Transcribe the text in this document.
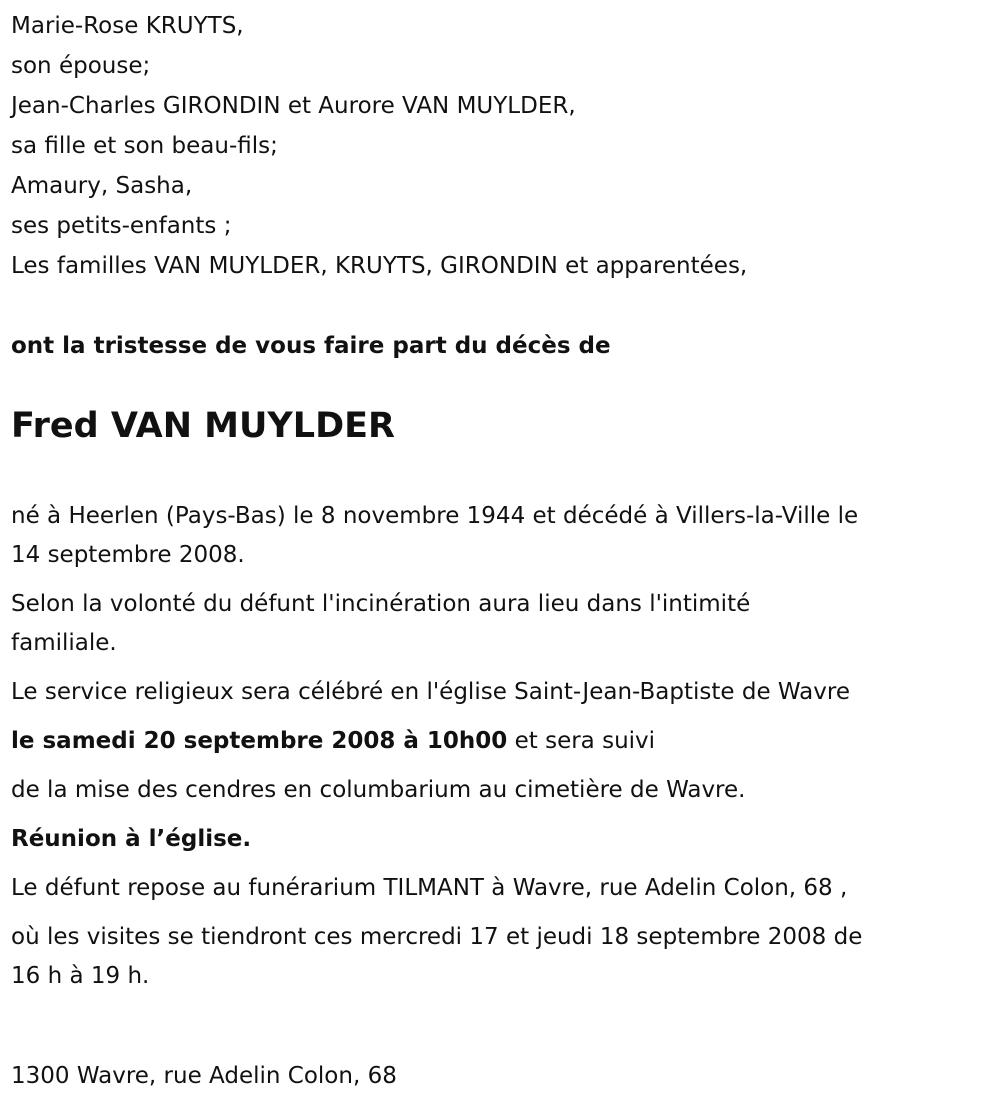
Marie-Rose KRUYTS,
son épouse;
Jean-Charles GIRONDIN et Aurore VAN MUYLDER,
sa fille et son beau-fils;
Amaury, Sasha,
ses petits-enfants ;
Les familles VAN MUYLDER, KRUYTS, GIRONDIN et apparentées,
ont la tristesse de vous faire part du décès de
Fred VAN MUYLDER
né à Heerlen (Pays-Bas) le 8 novembre 1944 et décédé à Villers-la-Ville le
14 septembre 2008.
Selon la volonté du défunt l'incinération aura lieu dans l'intimité
familiale.
Le service religieux sera célébré en l'église Saint-Jean-Baptiste de Wavre
le samedi 20 septembre 2008 à 10h00 et sera suivi
de la mise des cendres en columbarium au cimetière de Wavre.
Réunion à l’église.
Le défunt repose au funérarium TILMANT à Wavre, rue Adelin Colon, 68 ,
où les visites se tiendront ces mercredi 17 et jeudi 18 septembre 2008 de
16 h à 19 h.
1300 Wavre, rue Adelin Colon, 68
